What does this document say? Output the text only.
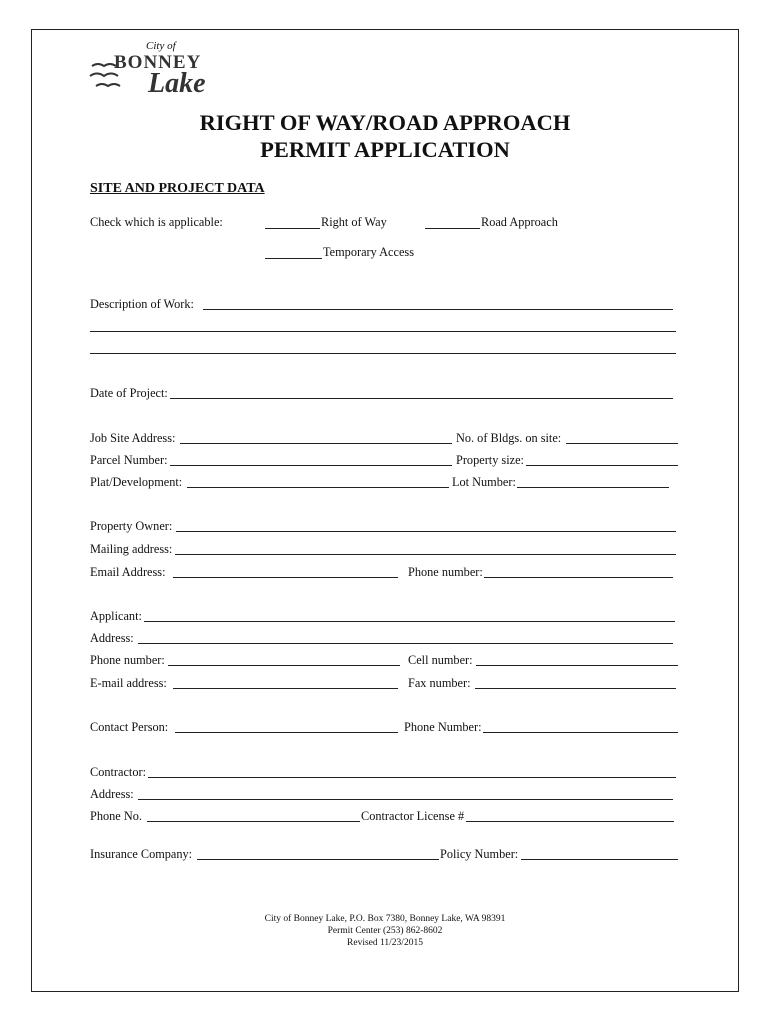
City of
BONNEY
Lake
RIGHT OF WAY/ROAD APPROACH
PERMIT APPLICATION
SITE AND PROJECT DATA
Check which is applicable:	Right of Way	Road Approach
Temporary Access
Description of Work:
Date of Project:
Job Site Address:	No. of Bldgs. on site:
Parcel Number:	Property size:
Plat/Development:	Lot Number:
Property Owner:
Mailing address:
Email Address:	Phone number:
Applicant:
Address:
Phone number:	Cell number:
E-mail address:	Fax number:
Contact Person:	Phone Number:
Contractor:
Address:
Phone No.	Contractor License #
Insurance Company:	Policy Number:
City of Bonney Lake, P.O. Box 7380, Bonney Lake, WA 98391
Permit Center (253) 862-8602
Revised 11/23/2015
